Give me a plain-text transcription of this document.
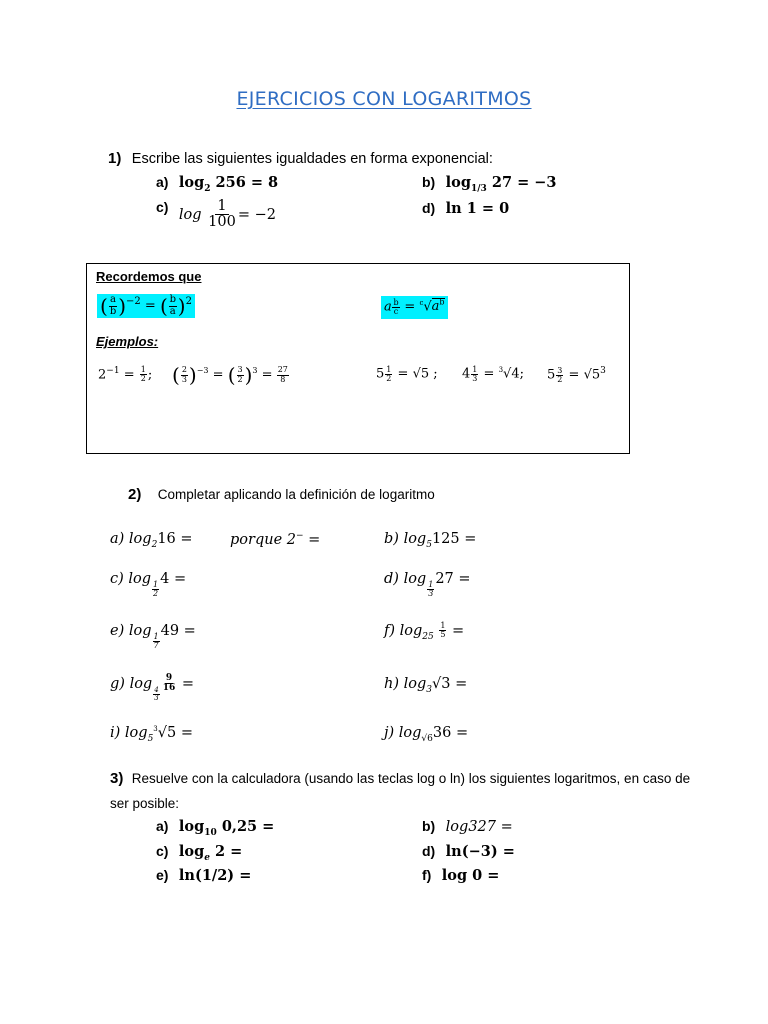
EJERCICIOS CON LOGARITMOS
1) Escribe las siguientes igualdades en forma exponencial:
a) $\log_2 256 = 8$	b) $\log_{1/3} 27 = -3$
c) $\log \frac{1}{100} = -2$	d) ln 1 = 0
Recordemos que
( $\frac{a}{b} )^{-2}$ = ( $\frac{b}{a} )^2$	a $\frac{b}{c} = ^c√a^b$
Ejemplos:
$2^{-1} = \frac{1}{2}$ ; ( $\frac{2}{3} )^{-3}$ = ( $\frac{3}{2} )^3 = \frac{27}{8}$	$5 \frac{1}{2} = √5$ ; $4 \frac{1}{3} = ^3√4$; $5 \frac{3}{2} = √5^3$
2) Completar aplicando la definición de logaritmo
a) $\log_216$ =	porque 2− =	b) $\log_5125$ =
c) log
$\frac{1}{2}$
4 =	d) log
$\frac{1}{3}$
27 =
e) log
$\frac{1}{7}$
49 =	f) $\log_{25} \frac{1}{5}$ =
g) log
$\frac{4}{3}$
$\frac{9}{16}$ =	h) $\log_3√3$ =
i) $\log_5^3√5$ =	j) $\log_{√6}36$ =
3) Resuelve con la calculadora (usando las teclas log o ln) los siguientes logaritmos, en caso de
ser posible:
a) $\log_{10} 0,25$ =	b) log327 =
c) $\log_e 2$ =	d) ln(−3) =
e) ln(1/2) =	f) log 0 =
